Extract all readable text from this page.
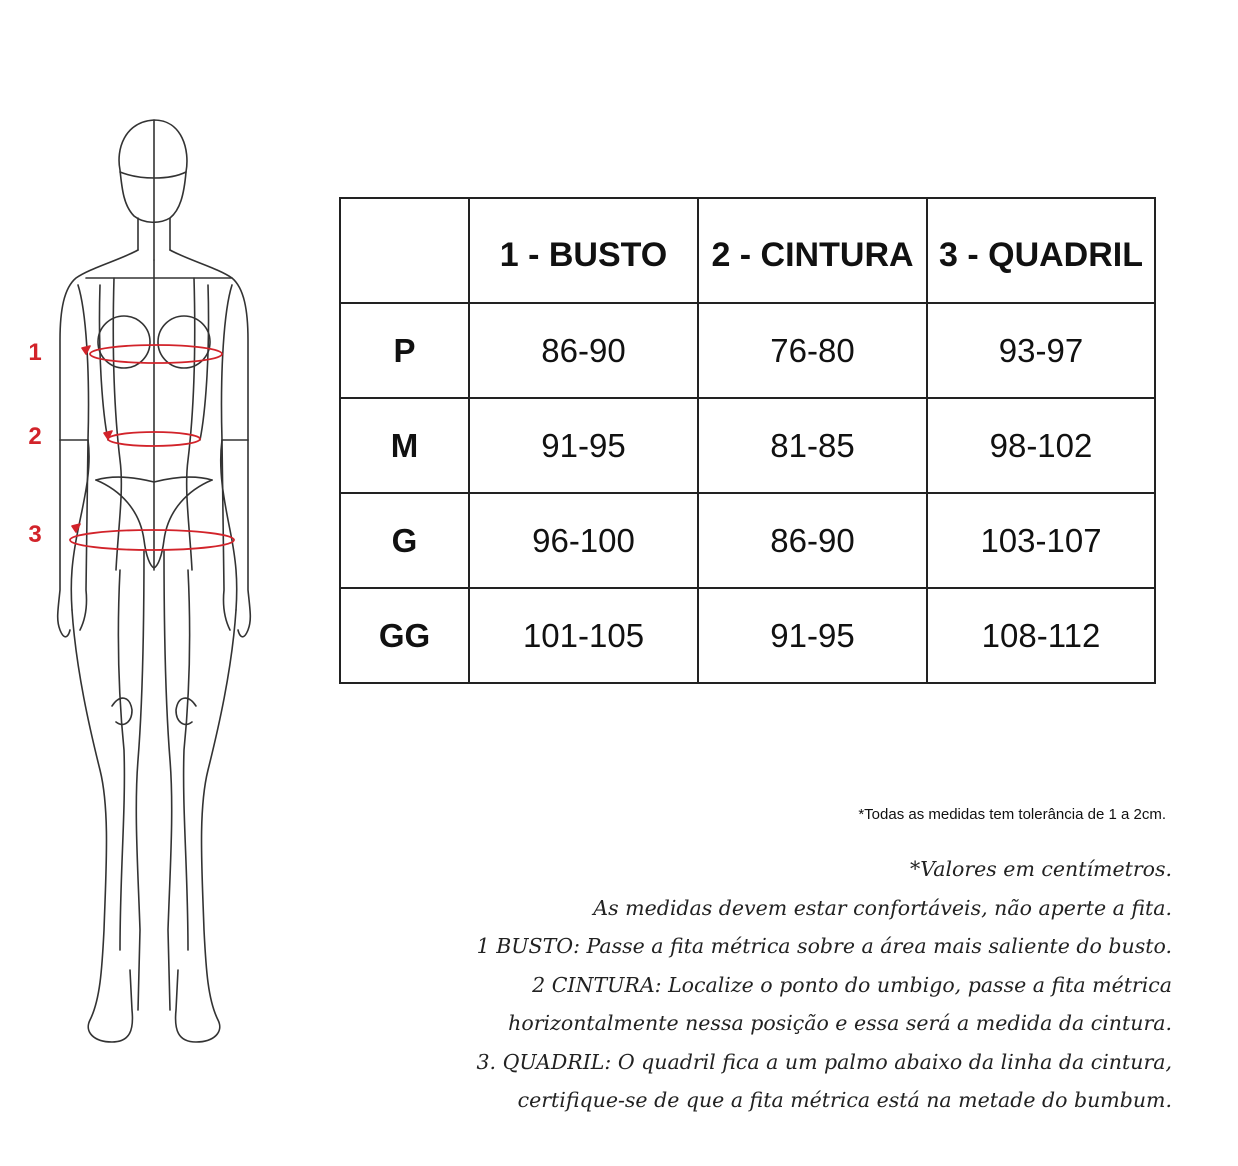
1
2
3
	1 - BUSTO	2 - CINTURA	3 - QUADRIL
P	86-90	76-80	93-97
M	91-95	81-85	98-102
G	96-100	86-90	103-107
GG	101-105	91-95	108-112
*Todas as medidas tem tolerância de 1 a 2cm.
*Valores em centímetros.
As medidas devem estar confortáveis, não aperte a fita.
1 BUSTO: Passe a fita métrica sobre a área mais saliente do busto.
2 CINTURA: Localize o ponto do umbigo, passe a fita métrica
horizontalmente nessa posição e essa será a medida da cintura.
3. QUADRIL: O quadril fica a um palmo abaixo da linha da cintura,
certifique-se de que a fita métrica está na metade do bumbum.
